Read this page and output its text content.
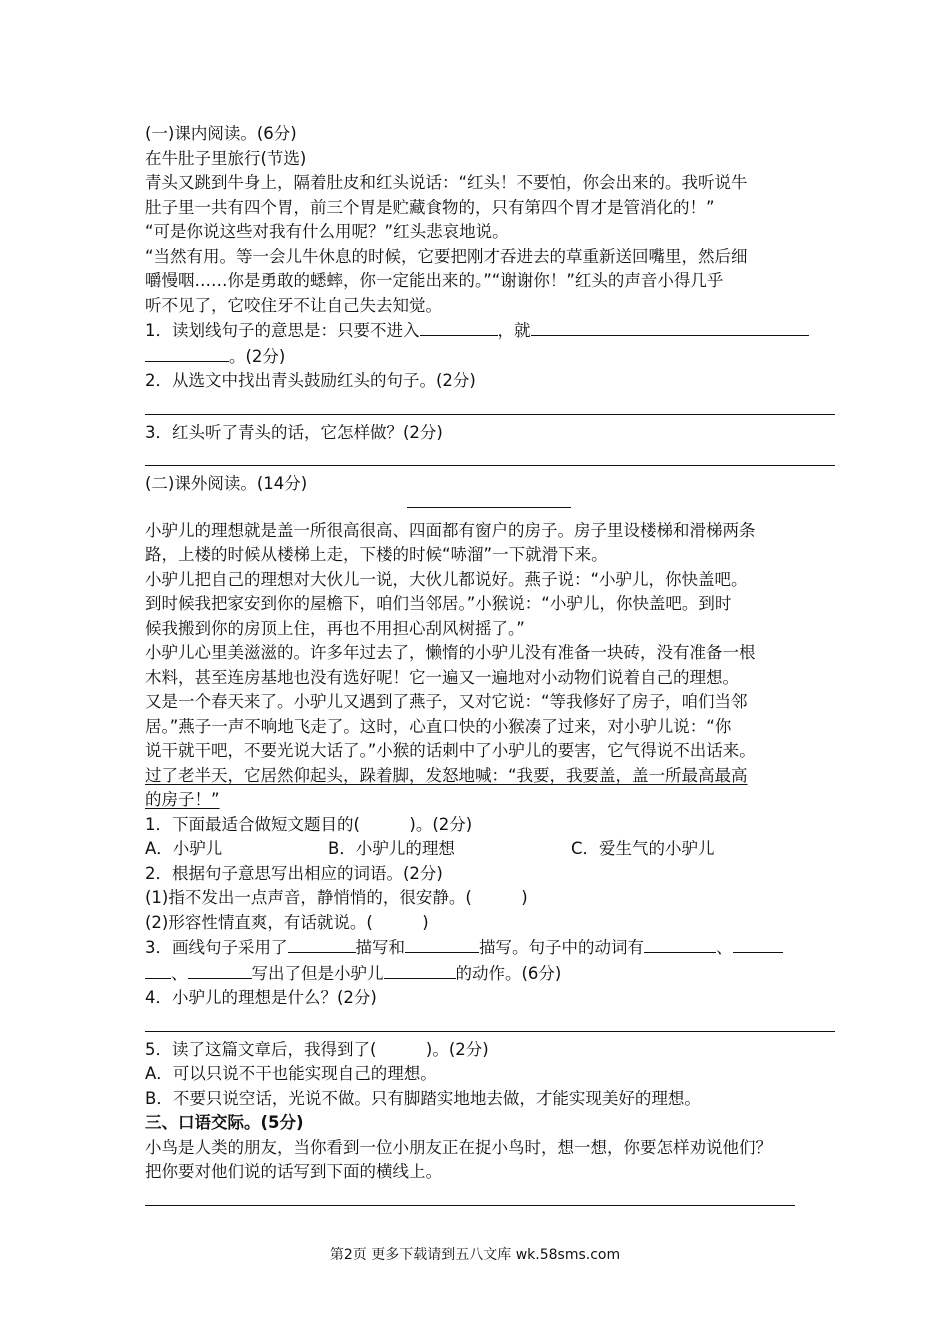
(一)课内阅读。(6分)
在牛肚子里旅行(节选)
青头又跳到牛身上，隔着肚皮和红头说话：“红头！不要怕，你会出来的。我听说牛
肚子里一共有四个胃，前三个胃是贮藏食物的，只有第四个胃才是管消化的！”
“可是你说这些对我有什么用呢？”红头悲哀地说。
“当然有用。等一会儿牛休息的时候，它要把刚才吞进去的草重新送回嘴里，然后细
嚼慢咽……你是勇敢的蟋蟀，你一定能出来的。”“谢谢你！”红头的声音小得几乎
听不见了，它咬住牙不让自己失去知觉。
1．读划线句子的意思是：只要不进入	，就
。(2分)
2．从选文中找出青头鼓励红头的句子。(2分)
3．红头听了青头的话，它怎样做？(2分)
(二)课外阅读。(14分)
小驴儿的理想就是盖一所很高很高、四面都有窗户的房子。房子里设楼梯和滑梯两条
路，上楼的时候从楼梯上走，下楼的时候“哧溜”一下就滑下来。
小驴儿把自己的理想对大伙儿一说，大伙儿都说好。燕子说：“小驴儿，你快盖吧。
到时候我把家安到你的屋檐下，咱们当邻居。”小猴说：“小驴儿，你快盖吧。到时
候我搬到你的房顶上住，再也不用担心刮风树摇了。”
小驴儿心里美滋滋的。许多年过去了，懒惰的小驴儿没有准备一块砖，没有准备一根
木料，甚至连房基地也没有选好呢！它一遍又一遍地对小动物们说着自己的理想。
又是一个春天来了。小驴儿又遇到了燕子，又对它说：“等我修好了房子，咱们当邻
居。”燕子一声不响地飞走了。这时，心直口快的小猴凑了过来，对小驴儿说：“你
说干就干吧，不要光说大话了。”小猴的话刺中了小驴儿的要害，它气得说不出话来。
过了老半天，它居然仰起头，跺着脚，发怒地喊：“我要，我要盖，盖一所最高最高
的房子！”
1．下面最适合做短文题目的(　　　)。(2分)
A．小驴儿	B．小驴儿的理想	C．爱生气的小驴儿
2．根据句子意思写出相应的词语。(2分)
(1)指不发出一点声音，静悄悄的，很安静。(　　　)
(2)形容性情直爽，有话就说。(　　　)
3．画线句子采用了	描写和	描写。句子中的动词有	、
、	写出了但是小驴儿	的动作。(6分)
4．小驴儿的理想是什么？(2分)
5．读了这篇文章后，我得到了(　　　)。(2分)
A．可以只说不干也能实现自己的理想。
B．不要只说空话，光说不做。只有脚踏实地地去做，才能实现美好的理想。
三、口语交际。(5分)
小鸟是人类的朋友，当你看到一位小朋友正在捉小鸟时，想一想，你要怎样劝说他们？
把你要对他们说的话写到下面的横线上。
第2页 更多下载请到五八文库 wk.58sms.com
